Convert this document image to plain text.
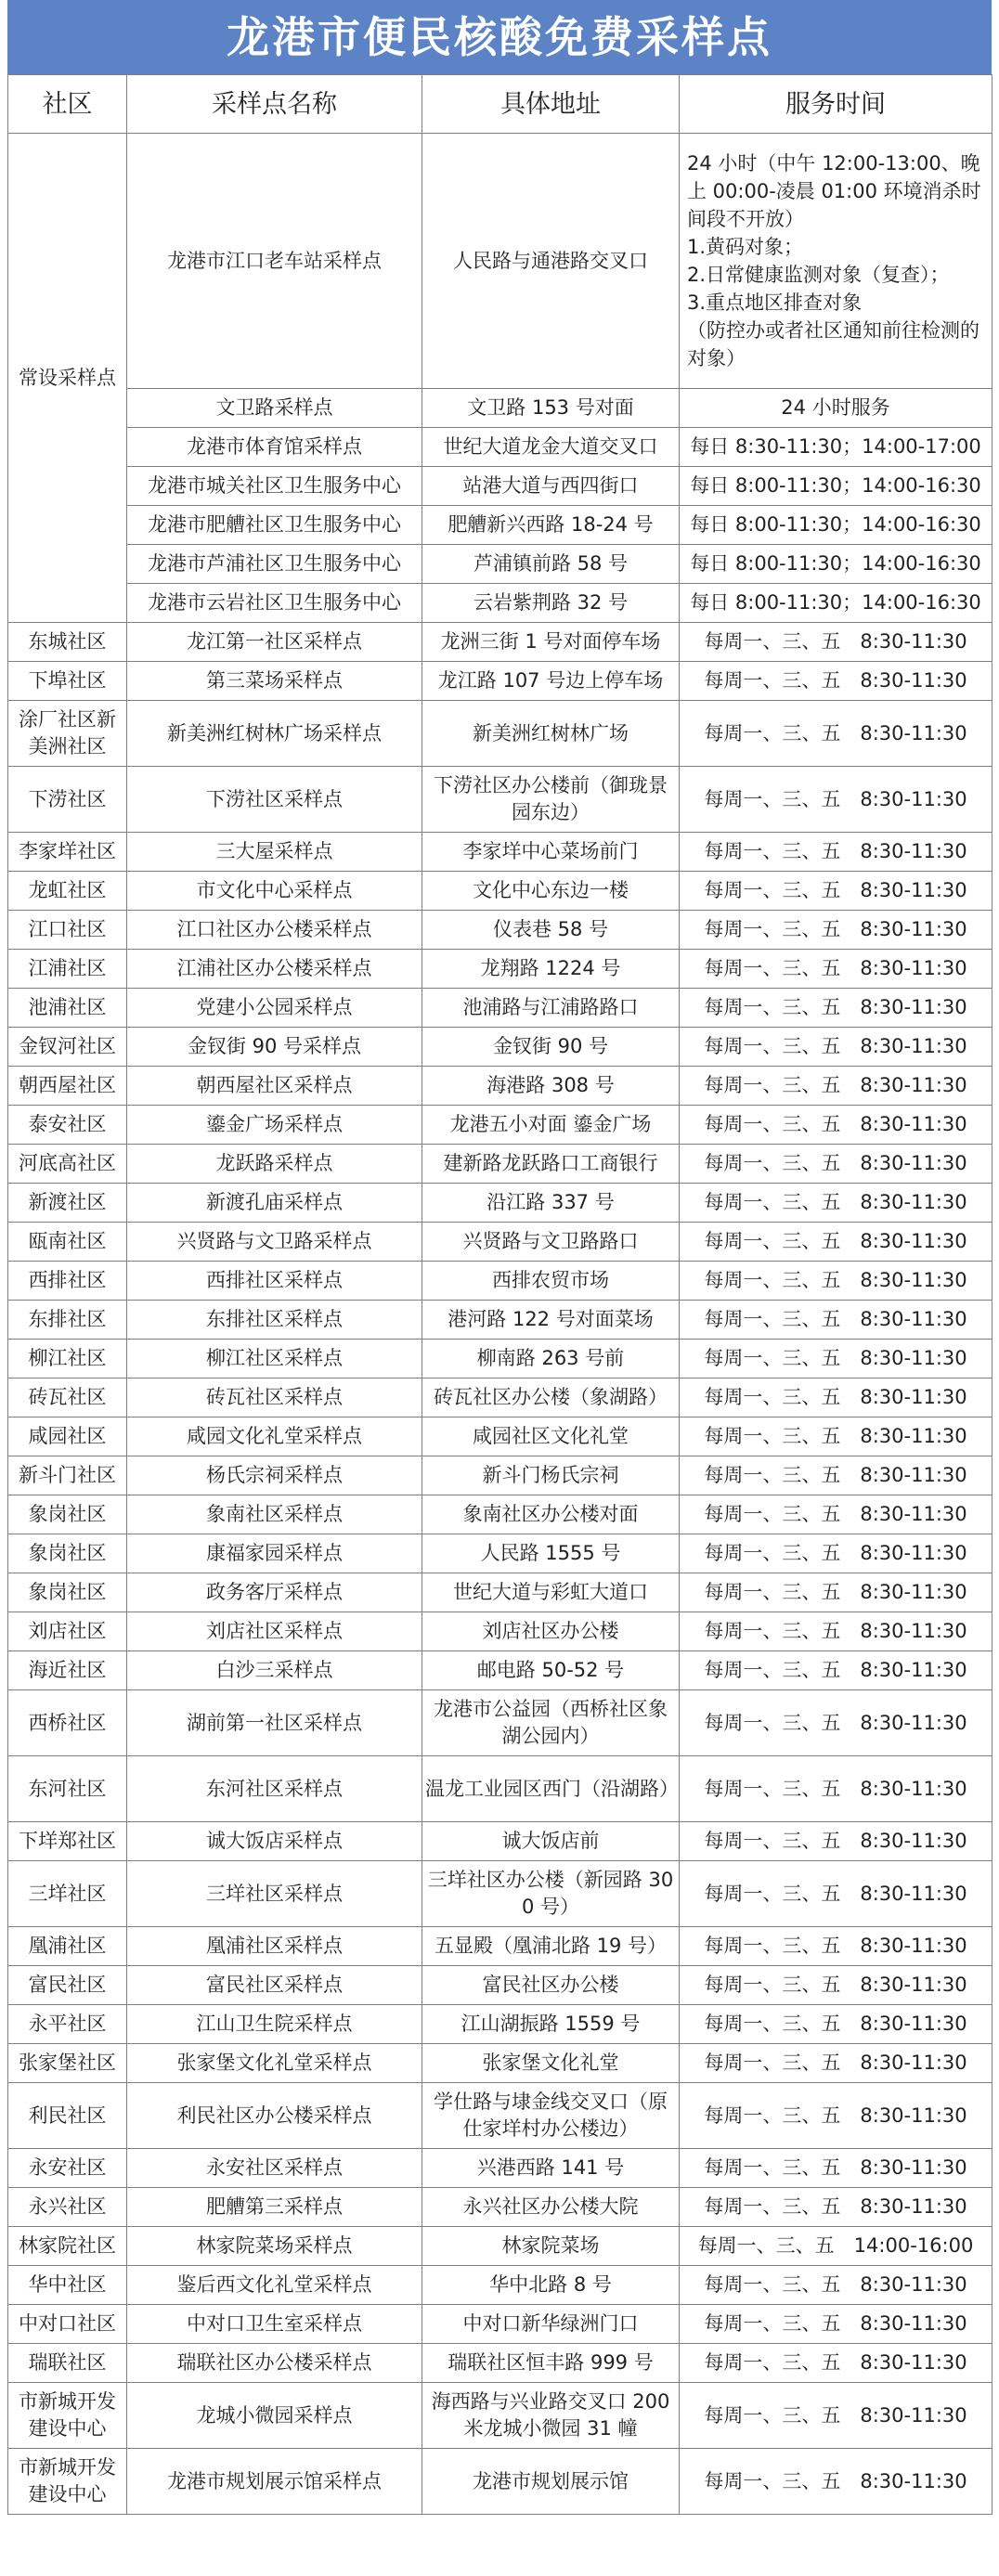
龙港市便民核酸免费采样点
社区	采样点名称	具体地址	服务时间
常设采样点	龙港市江口老车站采样点	人民路与通港路交叉口	24 小时（中午 12:00-13:00、晚上 00:00-凌晨 01:00 环境消杀时间段不开放）
1.黄码对象；
2.日常健康监测对象（复查）；
3.重点地区排查对象
（防控办或者社区通知前往检测的对象）

	文卫路采样点	文卫路 153 号对面	24 小时服务
	龙港市体育馆采样点	世纪大道龙金大道交叉口	每日 8:30-11:30；14:00-17:00
	龙港市城关社区卫生服务中心	站港大道与西四街口	每日 8:00-11:30；14:00-16:30
	龙港市肥艚社区卫生服务中心	肥艚新兴西路 18-24 号	每日 8:00-11:30；14:00-16:30
	龙港市芦浦社区卫生服务中心	芦浦镇前路 58 号	每日 8:00-11:30；14:00-16:30
	龙港市云岩社区卫生服务中心	云岩紫荆路 32 号	每日 8:00-11:30；14:00-16:30
东城社区	龙江第一社区采样点	龙洲三街 1 号对面停车场	每周一、三、五　8:30-11:30
下埠社区	第三菜场采样点	龙江路 107 号边上停车场	每周一、三、五　8:30-11:30
涂厂社区新美洲社区	新美洲红树林广场采样点	新美洲红树林广场	每周一、三、五　8:30-11:30
下涝社区	下涝社区采样点	下涝社区办公楼前（御珑景园东边）	每周一、三、五　8:30-11:30
李家垟社区	三大屋采样点	李家垟中心菜场前门	每周一、三、五　8:30-11:30
龙虹社区	市文化中心采样点	文化中心东边一楼	每周一、三、五　8:30-11:30
江口社区	江口社区办公楼采样点	仪表巷 58 号	每周一、三、五　8:30-11:30
江浦社区	江浦社区办公楼采样点	龙翔路 1224 号	每周一、三、五　8:30-11:30
池浦社区	党建小公园采样点	池浦路与江浦路路口	每周一、三、五　8:30-11:30
金钗河社区	金钗街 90 号采样点	金钗街 90 号	每周一、三、五　8:30-11:30
朝西屋社区	朝西屋社区采样点	海港路 308 号	每周一、三、五　8:30-11:30
泰安社区	鎏金广场采样点	龙港五小对面 鎏金广场	每周一、三、五　8:30-11:30
河底高社区	龙跃路采样点	建新路龙跃路口工商银行	每周一、三、五　8:30-11:30
新渡社区	新渡孔庙采样点	沿江路 337 号	每周一、三、五　8:30-11:30
瓯南社区	兴贤路与文卫路采样点	兴贤路与文卫路路口	每周一、三、五　8:30-11:30
西排社区	西排社区采样点	西排农贸市场	每周一、三、五　8:30-11:30
东排社区	东排社区采样点	港河路 122 号对面菜场	每周一、三、五　8:30-11:30
柳江社区	柳江社区采样点	柳南路 263 号前	每周一、三、五　8:30-11:30
砖瓦社区	砖瓦社区采样点	砖瓦社区办公楼（象湖路）	每周一、三、五　8:30-11:30
咸园社区	咸园文化礼堂采样点	咸园社区文化礼堂	每周一、三、五　8:30-11:30
新斗门社区	杨氏宗祠采样点	新斗门杨氏宗祠	每周一、三、五　8:30-11:30
象岗社区	象南社区采样点	象南社区办公楼对面	每周一、三、五　8:30-11:30
象岗社区	康福家园采样点	人民路 1555 号	每周一、三、五　8:30-11:30
象岗社区	政务客厅采样点	世纪大道与彩虹大道口	每周一、三、五　8:30-11:30
刘店社区	刘店社区采样点	刘店社区办公楼	每周一、三、五　8:30-11:30
海近社区	白沙三采样点	邮电路 50-52 号	每周一、三、五　8:30-11:30
西桥社区	湖前第一社区采样点	龙港市公益园（西桥社区象湖公园内）	每周一、三、五　8:30-11:30
东河社区	东河社区采样点	温龙工业园区西门（沿湖路）	每周一、三、五　8:30-11:30
下垟郑社区	诚大饭店采样点	诚大饭店前	每周一、三、五　8:30-11:30
三垟社区	三垟社区采样点	三垟社区办公楼（新园路 300 号）	每周一、三、五　8:30-11:30
凰浦社区	凰浦社区采样点	五显殿（凰浦北路 19 号）	每周一、三、五　8:30-11:30
富民社区	富民社区采样点	富民社区办公楼	每周一、三、五　8:30-11:30
永平社区	江山卫生院采样点	江山湖振路 1559 号	每周一、三、五　8:30-11:30
张家堡社区	张家堡文化礼堂采样点	张家堡文化礼堂	每周一、三、五　8:30-11:30
利民社区	利民社区办公楼采样点	学仕路与埭金线交叉口（原仕家垟村办公楼边）	每周一、三、五　8:30-11:30
永安社区	永安社区采样点	兴港西路 141 号	每周一、三、五　8:30-11:30
永兴社区	肥艚第三采样点	永兴社区办公楼大院	每周一、三、五　8:30-11:30
林家院社区	林家院菜场采样点	林家院菜场	每周一、三、五　14:00-16:00
华中社区	鉴后西文化礼堂采样点	华中北路 8 号	每周一、三、五　8:30-11:30
中对口社区	中对口卫生室采样点	中对口新华绿洲门口	每周一、三、五　8:30-11:30
瑞联社区	瑞联社区办公楼采样点	瑞联社区恒丰路 999 号	每周一、三、五　8:30-11:30
市新城开发建设中心	龙城小微园采样点	海西路与兴业路交叉口 200 米龙城小微园 31 幢	每周一、三、五　8:30-11:30
市新城开发建设中心	龙港市规划展示馆采样点	龙港市规划展示馆	每周一、三、五　8:30-11:30
